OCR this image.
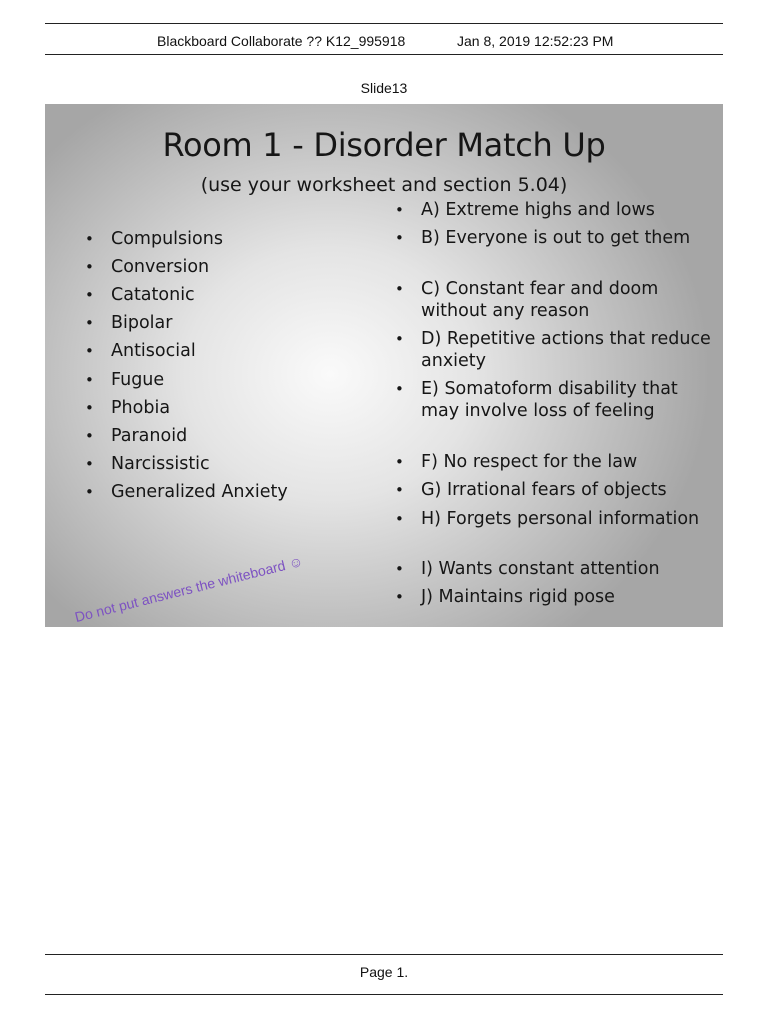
Blackboard Collaborate ?? K12_995918	Jan 8, 2019 12:52:23 PM
Slide13
Room 1 - Disorder Match Up
(use your worksheet and section 5.04)
• Compulsions
• Conversion
• Catatonic
• Bipolar
• Antisocial
• Fugue
• Phobia
• Paranoid
• Narcissistic
• Generalized Anxiety
• A) Extreme highs and lows
• B) Everyone is out to get them
• C) Constant fear and doom without any reason
• D) Repetitive actions that reduce anxiety
• E) Somatoform disability that may involve loss of feeling
• F) No respect for the law
• G) Irrational fears of objects
• H) Forgets personal information
• I) Wants constant attention
• J) Maintains rigid pose
Do not put answers the whiteboard ☺
Page 1.
